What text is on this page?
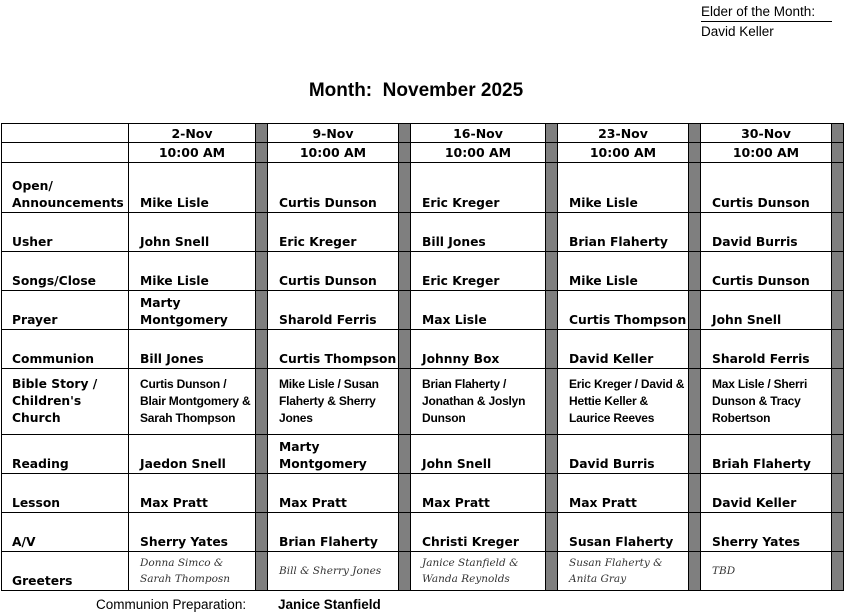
Elder of the Month:
David Keller
Month:  November 2025
	2-Nov		9-Nov		16-Nov		23-Nov		30-Nov	
	10:00 AM		10:00 AM		10:00 AM		10:00 AM		10:00 AM	
Open/ Announcements	Mike Lisle		Curtis Dunson		Eric Kreger		Mike Lisle		Curtis Dunson	
Usher	John Snell		Eric Kreger		Bill Jones		Brian Flaherty		David Burris	
Songs/Close	Mike Lisle		Curtis Dunson		Eric Kreger		Mike Lisle		Curtis Dunson	
Prayer	Marty Montgomery		Sharold Ferris		Max Lisle		Curtis Thompson		John Snell	
Communion	Bill Jones		Curtis Thompson		Johnny Box		David Keller		Sharold Ferris	
Bible Story / Children's Church	Curtis Dunson / Blair Montgomery & Sarah Thompson		Mike Lisle / Susan Flaherty & Sherry Jones		Brian Flaherty / Jonathan & Joslyn Dunson		Eric Kreger / David & Hettie Keller & Laurice Reeves		Max Lisle / Sherri Dunson & Tracy Robertson	
Reading	Jaedon Snell		Marty Montgomery		John Snell		David Burris		Briah Flaherty	
Lesson	Max Pratt		Max Pratt		Max Pratt		Max Pratt		David Keller	
A/V	Sherry Yates		Brian Flaherty		Christi Kreger		Susan Flaherty		Sherry Yates	
Greeters	Donna Simco & Sarah Thomposn		Bill & Sherry Jones		Janice Stanfield & Wanda Reynolds		Susan Flaherty & Anita Gray		TBD	
Communion Preparation: Janice Stanfield
